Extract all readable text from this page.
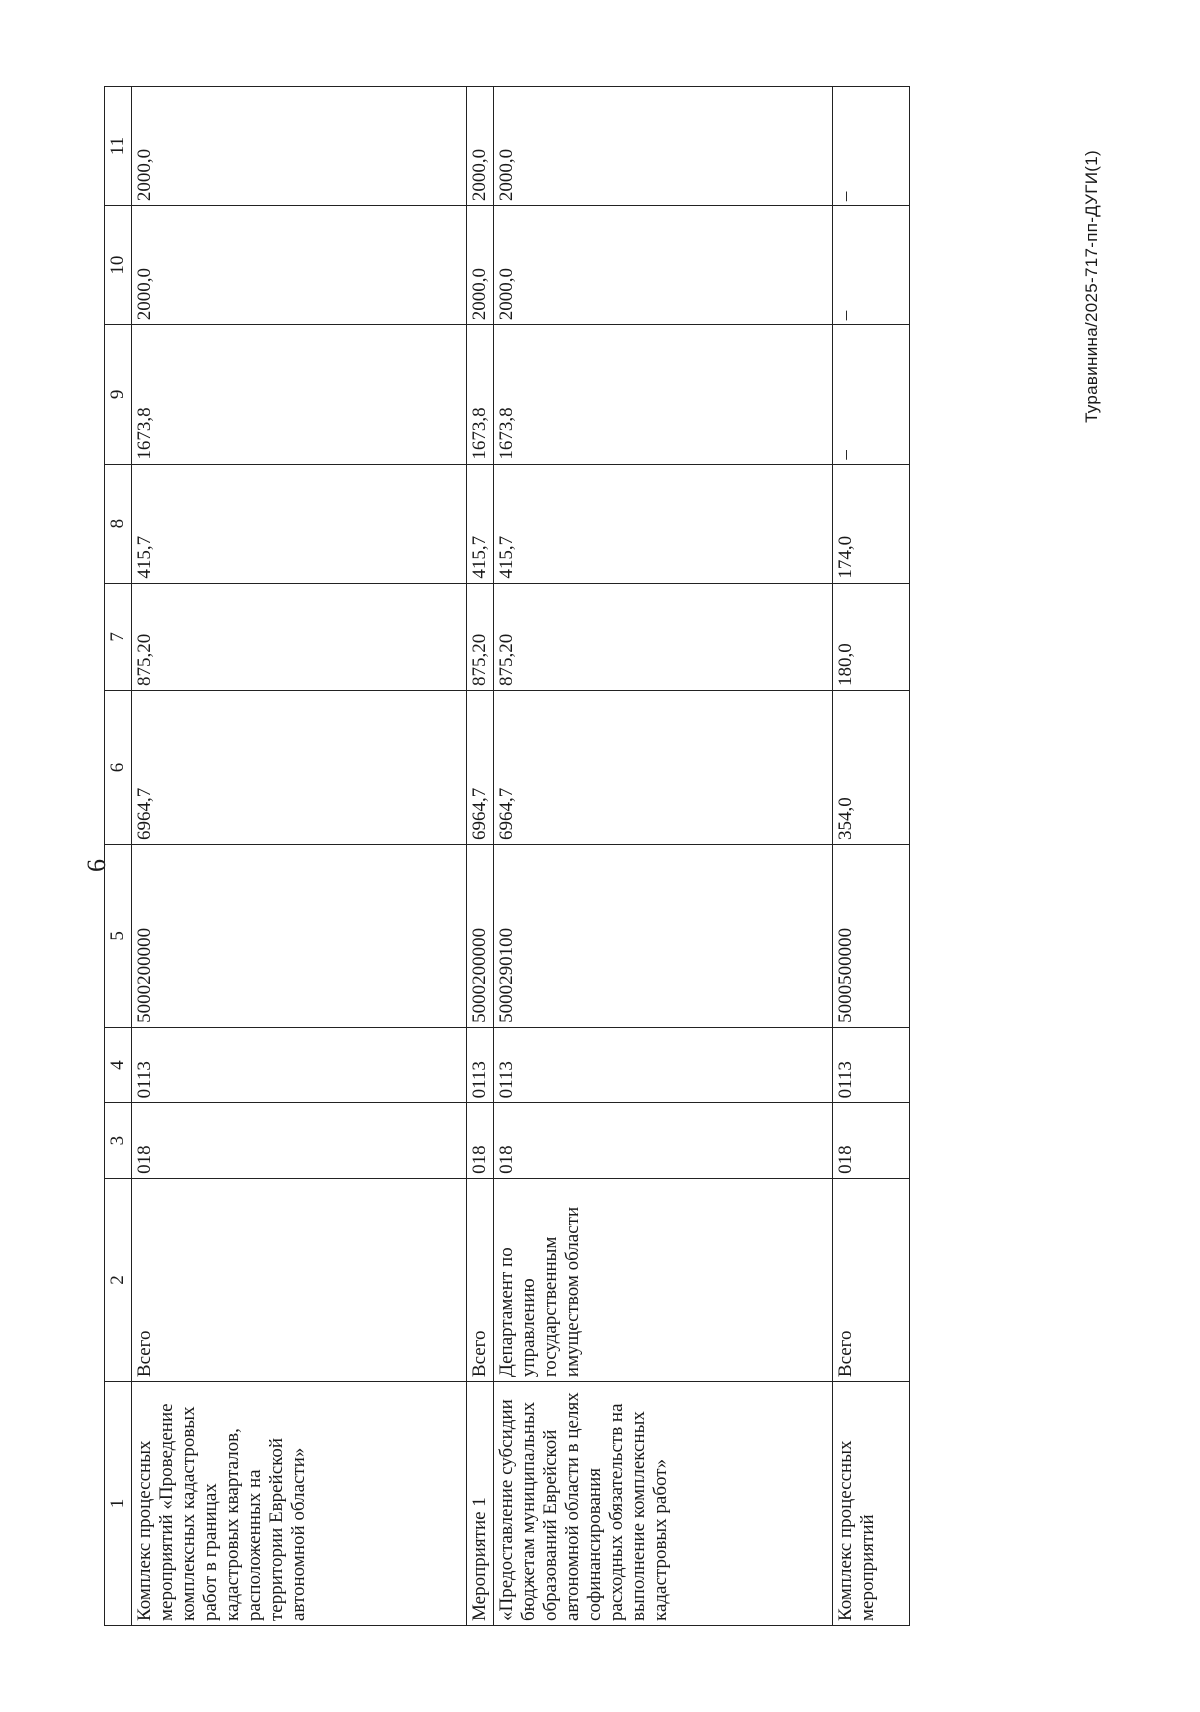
6
1	2	3	4	5	6	7	8	9	10	11
Комплекс процессных мероприятий «Проведение комплексных кадастровых работ в границах кадастровых кварталов, расположенных на территории Еврейской автономной области»	Всего	018	0113	5000200000	6964,7	875,20	415,7	1673,8	2000,0	2000,0
Мероприятие 1	Всего	018	0113	5000200000	6964,7	875,20	415,7	1673,8	2000,0	2000,0
«Предоставление субсидии бюджетам муниципальных образований Еврейской автономной области в целях софинансирования расходных обязательств на выполнение комплексных кадастровых работ»	Департамент по управлению государственным имуществом области	018	0113	5000290100	6964,7	875,20	415,7	1673,8	2000,0	2000,0
Комплекс процессных мероприятий	Всего	018	0113	5000500000	354,0	180,0	174,0	–	–	–	Туравинина/2025-717-пп-ДУГИ(1)
